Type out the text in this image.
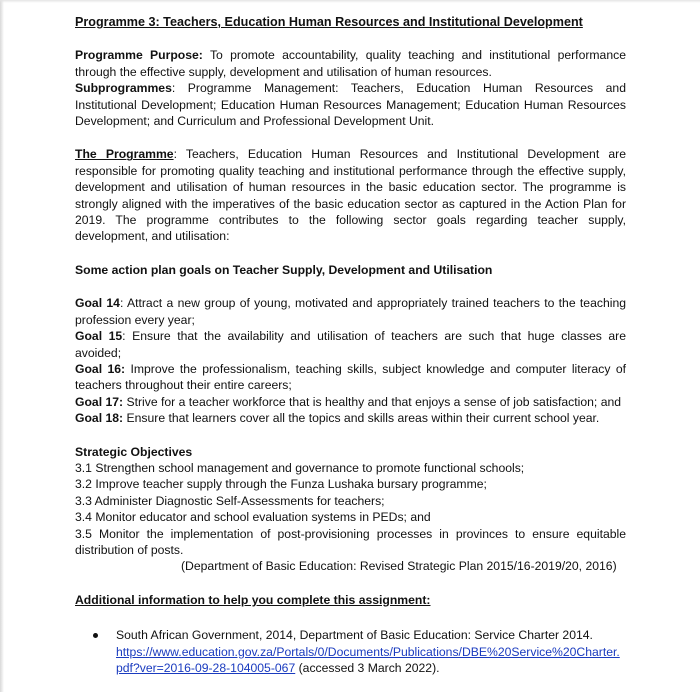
Programme 3: Teachers, Education Human Resources and Institutional Development

Programme Purpose: To promote accountability, quality teaching and institutional performance through the effective supply, development and utilisation of human resources.

Subprogrammes: Programme Management: Teachers, Education Human Resources and Institutional Development; Education Human Resources Management; Education Human Resources Development; and Curriculum and Professional Development Unit.

The Programme: Teachers, Education Human Resources and Institutional Development are responsible for promoting quality teaching and institutional performance through the effective supply, development and utilisation of human resources in the basic education sector. The programme is strongly aligned with the imperatives of the basic education sector as captured in the Action Plan for 2019. The programme contributes to the following sector goals regarding teacher supply, development, and utilisation:

Some action plan goals on Teacher Supply, Development and Utilisation

Goal 14: Attract a new group of young, motivated and appropriately trained teachers to the teaching profession every year;

Goal 15: Ensure that the availability and utilisation of teachers are such that huge classes are avoided;

Goal 16: Improve the professionalism, teaching skills, subject knowledge and computer literacy of teachers throughout their entire careers;

Goal 17: Strive for a teacher workforce that is healthy and that enjoys a sense of job satisfaction; and

Goal 18: Ensure that learners cover all the topics and skills areas within their current school year.

Strategic Objectives

3.1 Strengthen school management and governance to promote functional schools;

3.2 Improve teacher supply through the Funza Lushaka bursary programme;

3.3 Administer Diagnostic Self-Assessments for teachers;

3.4 Monitor educator and school evaluation systems in PEDs; and

3.5 Monitor the implementation of post-provisioning processes in provinces to ensure equitable distribution of posts.

(Department of Basic Education: Revised Strategic Plan 2015/16-2019/20, 2016)

Additional information to help you complete this assignment:

South African Government, 2014, Department of Basic Education: Service Charter 2014.
https://www.education.gov.za/Portals/0/Documents/Publications/DBE%20Service%20Charter.pdf?ver=2016-09-28-104005-067 (accessed 3 March 2022).
